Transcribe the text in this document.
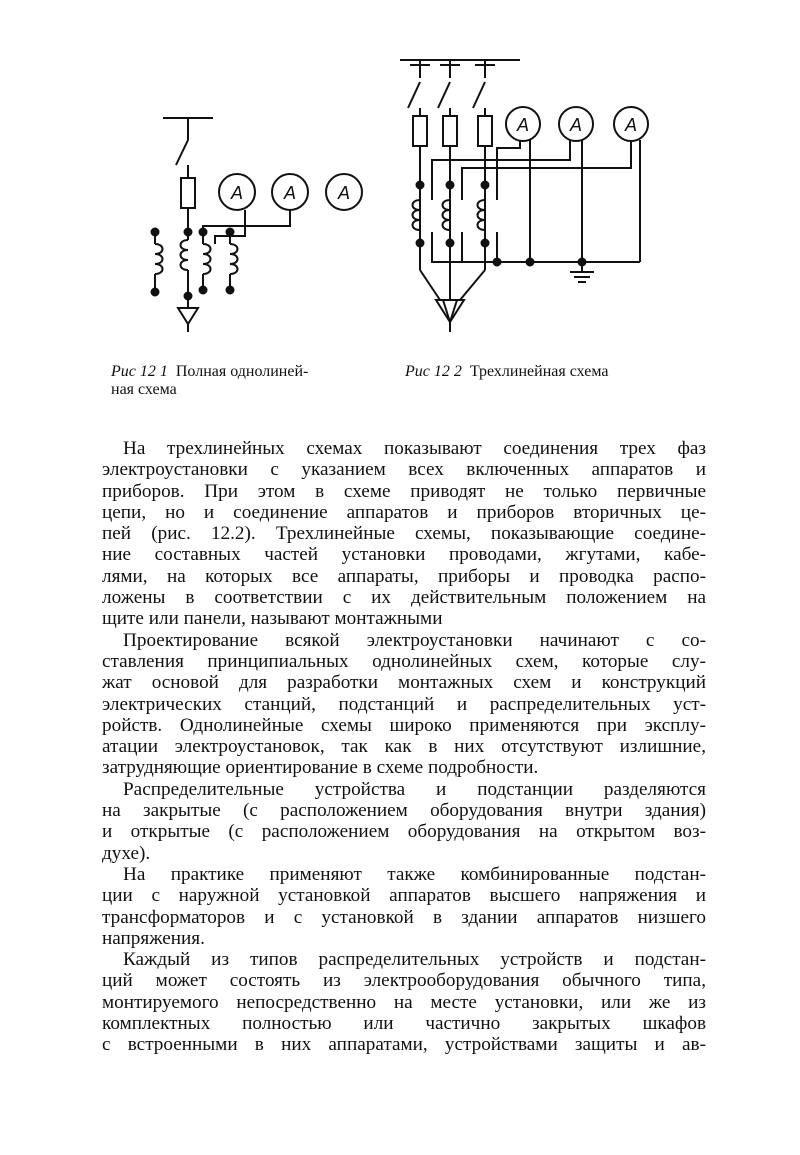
A A A
A A A
Рис 12 1 Полная однолиней-
ная схема
Рис 12 2 Трехлинейная схема

На трехлинейных схемах показывают соединения трех фаз
электроустановки с указанием всех включенных аппаратов и
приборов. При этом в схеме приводят не только первичные
цепи, но и соединение аппаратов и приборов вторичных це-
пей (рис. 12.2). Трехлинейные схемы, показывающие соедине-
ние составных частей установки проводами, жгутами, кабе-
лями, на которых все аппараты, приборы и проводка распо-
ложены в соответствии с их действительным положением на
щите или панели, называют монтажными

Проектирование всякой электроустановки начинают с со-
ставления принципиальных однолинейных схем, которые слу-
жат основой для разработки монтажных схем и конструкций
электрических станций, подстанций и распределительных уст-
ройств. Однолинейные схемы широко применяются при эксплу-
атации электроустановок, так как в них отсутствуют излишние,
затрудняющие ориентирование в схеме подробности.

Распределительные устройства и подстанции разделяются
на закрытые (с расположением оборудования внутри здания)
и открытые (с расположением оборудования на открытом воз-
духе).

На практике применяют также комбинированные подстан-
ции с наружной установкой аппаратов высшего напряжения и
трансформаторов и с установкой в здании аппаратов низшего
напряжения.

Каждый из типов распределительных устройств и подстан-
ций может состоять из электрооборудования обычного типа,
монтируемого непосредственно на месте установки, или же из
комплектных полностью или частично закрытых шкафов
с встроенными в них аппаратами, устройствами защиты и ав-
